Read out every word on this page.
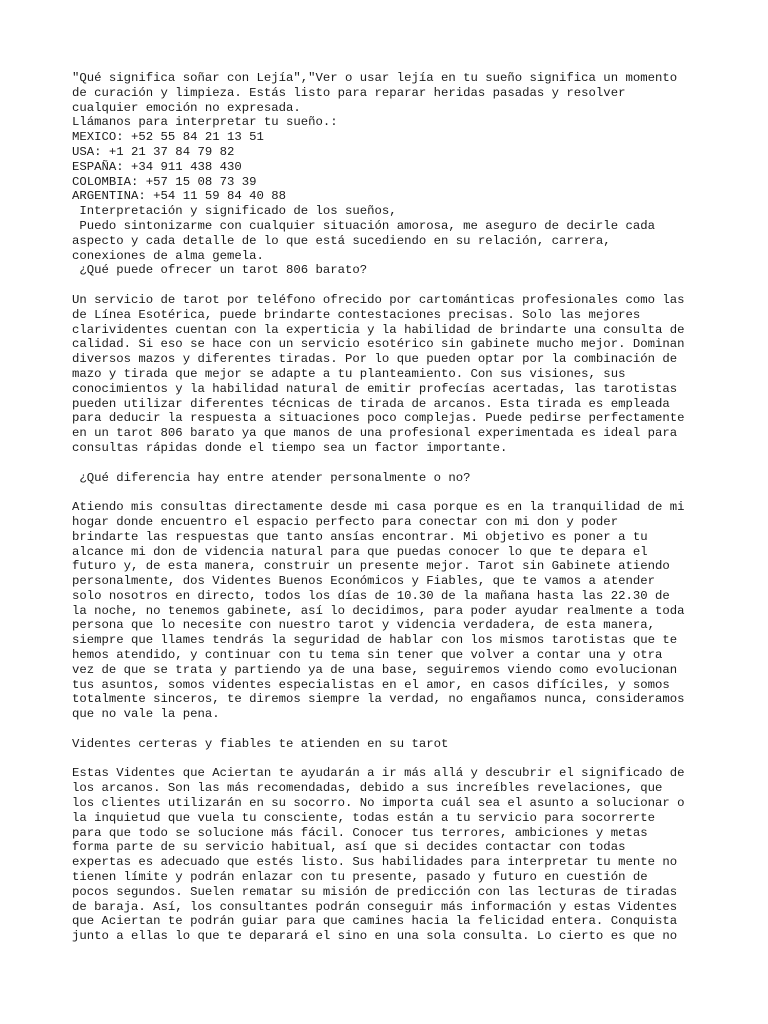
"Qué significa soñar con Lejía","Ver o usar lejía en tu sueño significa un momento
de curación y limpieza. Estás listo para reparar heridas pasadas y resolver
cualquier emoción no expresada.
Llámanos para interpretar tu sueño.:
MEXICO: +52 55 84 21 13 51
USA: +1 21 37 84 79 82
ESPAÑA: +34 911 438 430
COLOMBIA: +57 15 08 73 39
ARGENTINA: +54 11 59 84 40 88
Interpretación y significado de los sueños,
Puedo sintonizarme con cualquier situación amorosa, me aseguro de decirle cada
aspecto y cada detalle de lo que está sucediendo en su relación, carrera,
conexiones de alma gemela.
¿Qué puede ofrecer un tarot 806 barato?
Un servicio de tarot por teléfono ofrecido por cartománticas profesionales como las
de Línea Esotérica, puede brindarte contestaciones precisas. Solo las mejores
clarividentes cuentan con la experticia y la habilidad de brindarte una consulta de
calidad. Si eso se hace con un servicio esotérico sin gabinete mucho mejor. Dominan
diversos mazos y diferentes tiradas. Por lo que pueden optar por la combinación de
mazo y tirada que mejor se adapte a tu planteamiento. Con sus visiones, sus
conocimientos y la habilidad natural de emitir profecías acertadas, las tarotistas
pueden utilizar diferentes técnicas de tirada de arcanos. Esta tirada es empleada
para deducir la respuesta a situaciones poco complejas. Puede pedirse perfectamente
en un tarot 806 barato ya que manos de una profesional experimentada es ideal para
consultas rápidas donde el tiempo sea un factor importante.
¿Qué diferencia hay entre atender personalmente o no?
Atiendo mis consultas directamente desde mi casa porque es en la tranquilidad de mi
hogar donde encuentro el espacio perfecto para conectar con mi don y poder
brindarte las respuestas que tanto ansías encontrar. Mi objetivo es poner a tu
alcance mi don de videncia natural para que puedas conocer lo que te depara el
futuro y, de esta manera, construir un presente mejor. Tarot sin Gabinete atiendo
personalmente, dos Videntes Buenos Económicos y Fiables, que te vamos a atender
solo nosotros en directo, todos los días de 10.30 de la mañana hasta las 22.30 de
la noche, no tenemos gabinete, así lo decidimos, para poder ayudar realmente a toda
persona que lo necesite con nuestro tarot y videncia verdadera, de esta manera,
siempre que llames tendrás la seguridad de hablar con los mismos tarotistas que te
hemos atendido, y continuar con tu tema sin tener que volver a contar una y otra
vez de que se trata y partiendo ya de una base, seguiremos viendo como evolucionan
tus asuntos, somos videntes especialistas en el amor, en casos difíciles, y somos
totalmente sinceros, te diremos siempre la verdad, no engañamos nunca, consideramos
que no vale la pena.
Videntes certeras y fiables te atienden en su tarot
Estas Videntes que Aciertan te ayudarán a ir más allá y descubrir el significado de
los arcanos. Son las más recomendadas, debido a sus increíbles revelaciones, que
los clientes utilizarán en su socorro. No importa cuál sea el asunto a solucionar o
la inquietud que vuela tu consciente, todas están a tu servicio para socorrerte
para que todo se solucione más fácil. Conocer tus terrores, ambiciones y metas
forma parte de su servicio habitual, así que si decides contactar con todas
expertas es adecuado que estés listo. Sus habilidades para interpretar tu mente no
tienen límite y podrán enlazar con tu presente, pasado y futuro en cuestión de
pocos segundos. Suelen rematar su misión de predicción con las lecturas de tiradas
de baraja. Así, los consultantes podrán conseguir más información y estas Videntes
que Aciertan te podrán guiar para que camines hacia la felicidad entera. Conquista
junto a ellas lo que te deparará el sino en una sola consulta. Lo cierto es que no
